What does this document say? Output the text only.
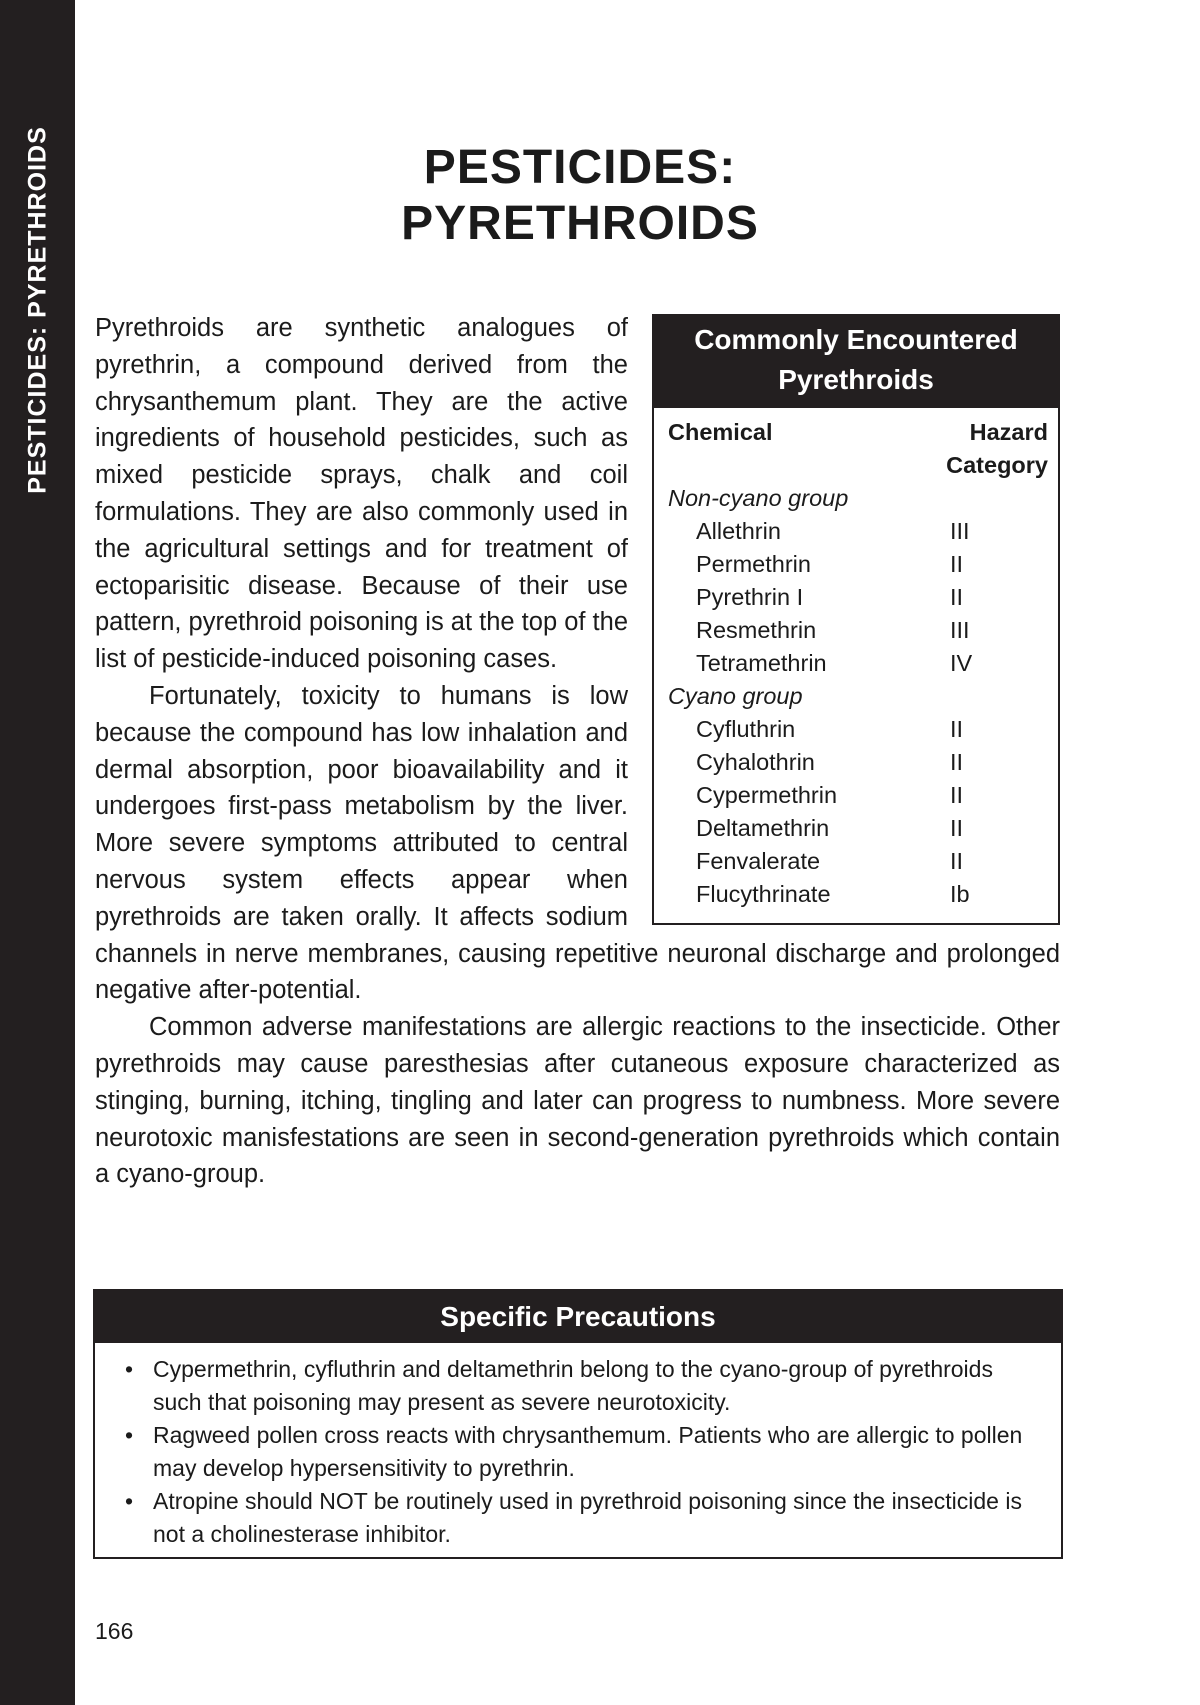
PESTICIDES: PYRETHROIDS	PESTICIDES:
PYRETHROIDS
Commonly Encountered
Pyrethroids
Chemical	Hazard Category
Non-cyano group
Allethrin	III
Permethrin	II
Pyrethrin I	II
Resmethrin	III
Tetramethrin	IV
Cyano group
Cyfluthrin	II
Cyhalothrin	II
Cypermethrin	II
Deltamethrin	II
Fenvalerate	II
Flucythrinate	Ib

Pyrethroids are synthetic analogues of pyrethrin, a compound derived from the chrysanthemum plant. They are the active ingredients of household pesticides, such as mixed pesticide sprays, chalk and coil formulations. They are also commonly used in the agricultural settings and for treatment of ectoparisitic disease. Because of their use pattern, pyrethroid poisoning is at the top of the list of pesticide-induced poisoning cases.

Fortunately, toxicity to humans is low because the compound has low inhalation and dermal absorption, poor bioavailability and it undergoes first-pass metabolism by the liver. More severe symptoms attributed to central nervous system effects appear when pyrethroids are taken orally. It affects sodium channels in nerve membranes, causing repetitive neuronal discharge and prolonged negative after-potential.

Common adverse manifestations are allergic reactions to the insecticide. Other pyrethroids may cause paresthesias after cutaneous exposure characterized as stinging, burning, itching, tingling and later can progress to numbness. More severe neurotoxic manisfestations are seen in second-generation pyrethroids which contain a cyano-group.

Specific Precautions
• Cypermethrin, cyfluthrin and deltamethrin belong to the cyano-group of pyrethroids such that poisoning may present as severe neurotoxicity.
• Ragweed pollen cross reacts with chrysanthemum. Patients who are allergic to pollen may develop hypersensitivity to pyrethrin.
• Atropine should NOT be routinely used in pyrethroid poisoning since the insecticide is not a cholinesterase inhibitor.
166
